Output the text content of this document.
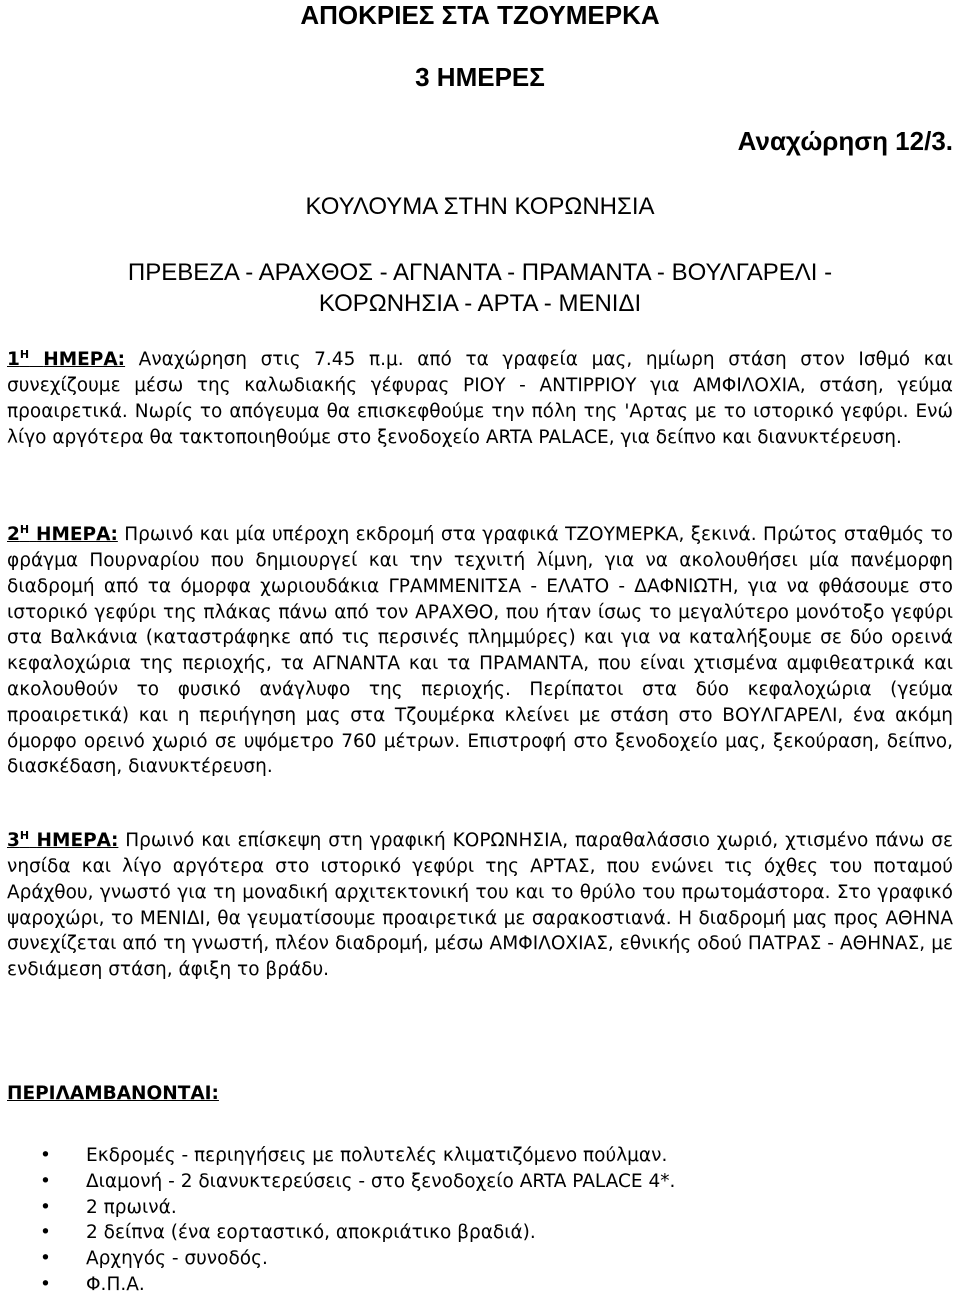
ΑΠΟΚΡΙΕΣ ΣΤΑ ΤΖΟΥΜΕΡΚΑ
3 ΗΜΕΡΕΣ
Αναχώρηση 12/3.
ΚΟΥΛΟΥΜΑ ΣΤΗΝ ΚΟΡΩΝΗΣΙΑ
ΠΡΕΒΕΖΑ - ΑΡΑΧΘΟΣ - ΑΓΝΑΝΤΑ - ΠΡΑΜΑΝΤΑ - ΒΟΥΛΓΑΡΕΛΙ -
ΚΟΡΩΝΗΣΙΑ - ΑΡΤΑ - ΜΕΝΙΔΙ

$1^H$ ΗΜΕΡΑ: Αναχώρηση στις 7.45 π.μ. από τα γραφεία μας, ημίωρη στάση στον Ισθμό και συνεχίζουμε μέσω της καλωδιακής γέφυρας ΡΙΟΥ - ΑΝΤΙΡΡΙΟΥ για ΑΜΦΙΛΟΧΙΑ, στάση, γεύμα προαιρετικά. Νωρίς το απόγευμα θα επισκεφθούμε την πόλη της 'Αρτας με το ιστορικό γεφύρι. Ενώ λίγο αργότερα θα τακτοποιηθούμε στο ξενοδοχείο ARTA PALACE, για δείπνο και διανυκτέρευση.

$2^H$ ΗΜΕΡΑ: Πρωινό και μία υπέροχη εκδρομή στα γραφικά ΤΖΟΥΜΕΡΚΑ, ξεκινά. Πρώτος σταθμός το φράγμα Πουρναρίου που δημιουργεί και την τεχνιτή λίμνη, για να ακολουθήσει μία πανέμορφη διαδρομή από τα όμορφα χωριουδάκια ΓΡΑΜΜΕΝΙΤΣΑ - ΕΛΑΤΟ - ΔΑΦΝΙΩΤΗ, για να φθάσουμε στο ιστορικό γεφύρι της πλάκας πάνω από τον ΑΡΑΧΘΟ, που ήταν ίσως το μεγαλύτερο μονότοξο γεφύρι στα Βαλκάνια (καταστράφηκε από τις περσινές πλημμύρες) και για να καταλήξουμε σε δύο ορεινά κεφαλοχώρια της περιοχής, τα ΑΓΝΑΝΤΑ και τα ΠΡΑΜΑΝΤΑ, που είναι χτισμένα αμφιθεατρικά και ακολουθούν το φυσικό ανάγλυφο της περιοχής. Περίπατοι στα δύο κεφαλοχώρια (γεύμα προαιρετικά) και η περιήγηση μας στα Τζουμέρκα κλείνει με στάση στο ΒΟΥΛΓΑΡΕΛΙ, ένα ακόμη όμορφο ορεινό χωριό σε υψόμετρο 760 μέτρων. Επιστροφή στο ξενοδοχείο μας, ξεκούραση, δείπνο, διασκέδαση, διανυκτέρευση.

$3^H$ ΗΜΕΡΑ: Πρωινό και επίσκεψη στη γραφική ΚΟΡΩΝΗΣΙΑ, παραθαλάσσιο χωριό, χτισμένο πάνω σε νησίδα και λίγο αργότερα στο ιστορικό γεφύρι της ΑΡΤΑΣ, που ενώνει τις όχθες του ποταμού Αράχθου, γνωστό για τη μοναδική αρχιτεκτονική του και το θρύλο του πρωτομάστορα. Στο γραφικό ψαροχώρι, το ΜΕΝΙΔΙ, θα γευματίσουμε προαιρετικά με σαρακοστιανά. Η διαδρομή μας προς ΑΘΗΝΑ συνεχίζεται από τη γνωστή, πλέον διαδρομή, μέσω ΑΜΦΙΛΟΧΙΑΣ, εθνικής οδού ΠΑΤΡΑΣ - ΑΘΗΝΑΣ, με ενδιάμεση στάση, άφιξη το βράδυ.

ΠΕΡΙΛΑΜΒΑΝΟΝΤΑΙ:
• Εκδρομές - περιηγήσεις με πολυτελές κλιματιζόμενο πούλμαν.
• Διαμονή - 2 διανυκτερεύσεις - στο ξενοδοχείο ARTA PALACE 4*.
• 2 πρωινά.
• 2 δείπνα (ένα εορταστικό, αποκριάτικο βραδιά).
• Αρχηγός - συνοδός.
• Φ.Π.Α.
